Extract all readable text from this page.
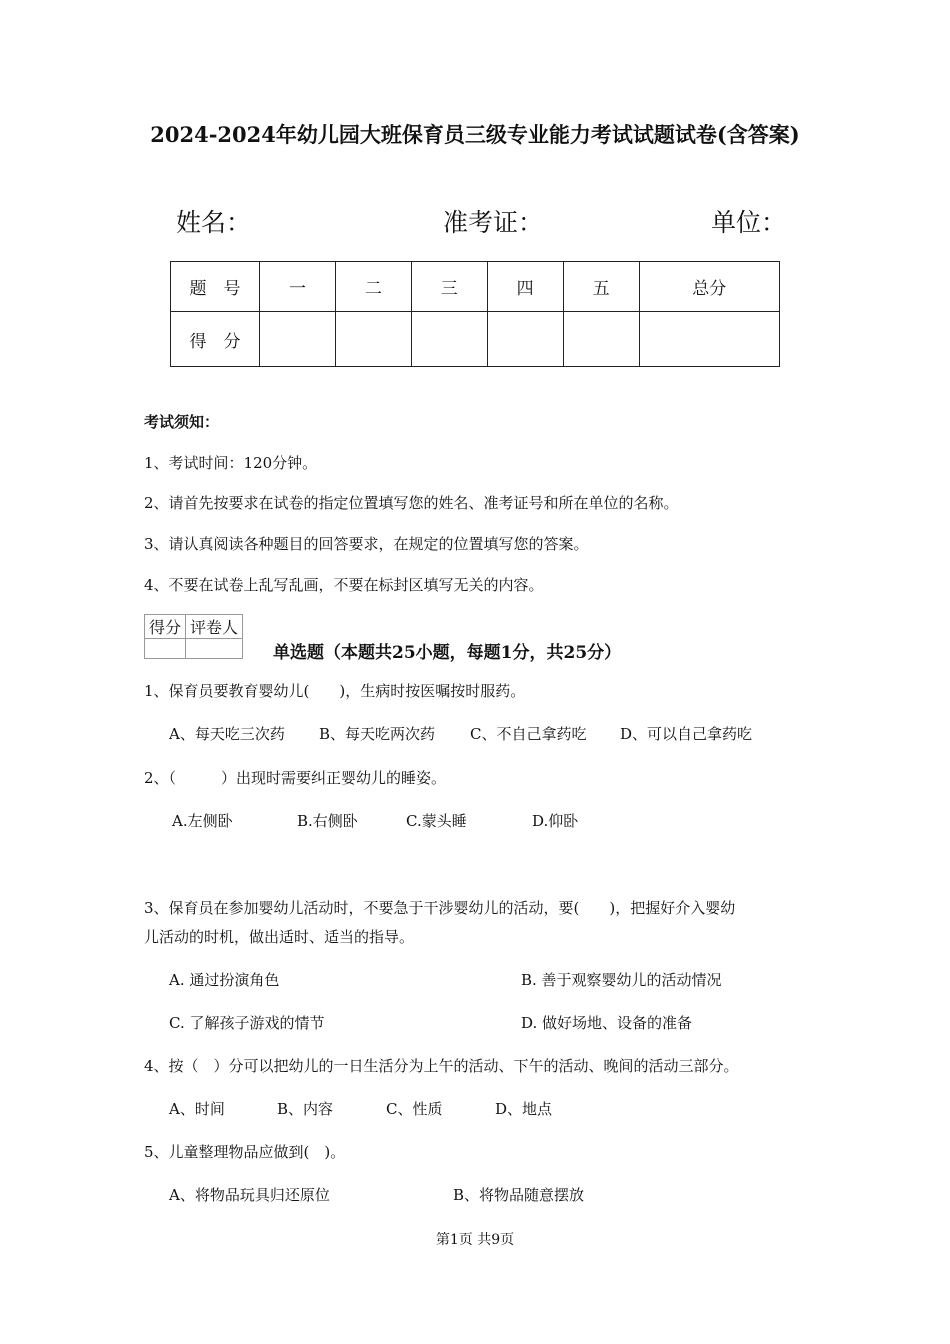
2024-2024年幼儿园大班保育员三级专业能力考试试题试卷(含答案)
姓名：	准考证：	单位：
题　号	一	二	三	四	五	总分
得　分						
考试须知：
1、考试时间：120分钟。
2、请首先按要求在试卷的指定位置填写您的姓名、准考证号和所在单位的名称。
3、请认真阅读各种题目的回答要求，在规定的位置填写您的答案。
4、不要在试卷上乱写乱画，不要在标封区填写无关的内容。
得分	评卷人

单选题（本题共25小题，每题1分，共25分）
1、保育员要教育婴幼儿(　　)，生病时按医嘱按时服药。
A、每天吃三次药 B、每天吃两次药 C、不自己拿药吃 D、可以自己拿药吃
2、（　　　）出现时需要纠正婴幼儿的睡姿。
A.左侧卧	B.右侧卧	C.蒙头睡	D.仰卧
3、保育员在参加婴幼儿活动时，不要急于干涉婴幼儿的活动，要(　　)，把握好介入婴幼
儿活动的时机，做出适时、适当的指导。
A. 通过扮演角色	B. 善于观察婴幼儿的活动情况
C. 了解孩子游戏的情节	D. 做好场地、设备的准备
4、按（　）分可以把幼儿的一日生活分为上午的活动、下午的活动、晚间的活动三部分。
A、时间	B、内容	C、性质	D、地点
5、儿童整理物品应做到(　)。
A、将物品玩具归还原位	B、将物品随意摆放
第1页 共9页
